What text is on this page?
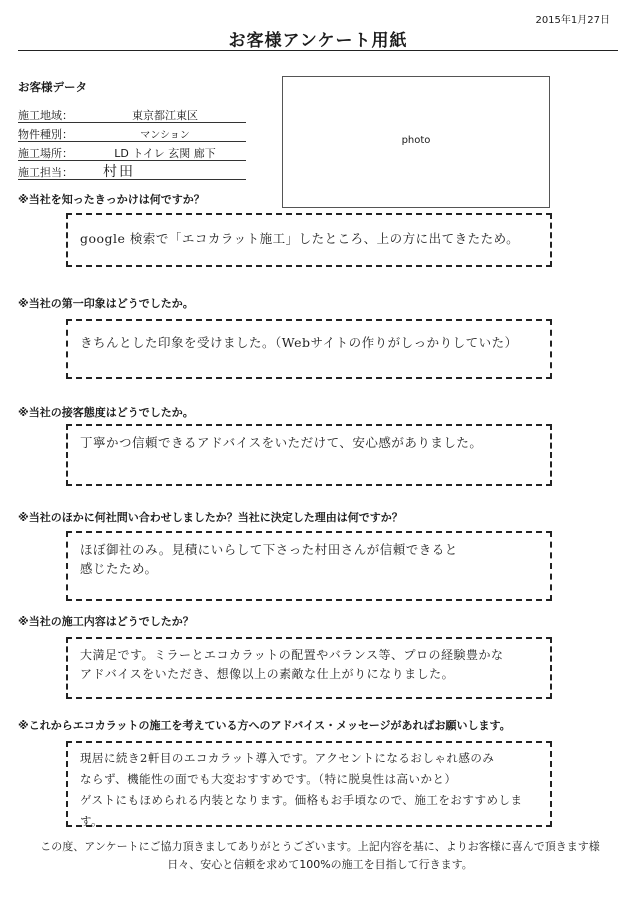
2015年1月27日
お客様アンケート用紙
お客様データ
施工地域：	東京都江東区
物件種別：	マンション
施工場所：	LD トイレ 玄関 廊下
施工担当：	村田
photo
※当社を知ったきっかけは何ですか？
google 検索で「エコカラット施工」したところ、上の方に出てきたため。
※当社の第一印象はどうでしたか。
きちんとした印象を受けました。（Webサイトの作りがしっかりしていた）
※当社の接客態度はどうでしたか。
丁寧かつ信頼できるアドバイスをいただけて、安心感がありました。
※当社のほかに何社問い合わせしましたか？当社に決定した理由は何ですか？
ほぼ御社のみ。見積にいらして下さった村田さんが信頼できると
感じたため。
※当社の施工内容はどうでしたか？
大満足です。ミラーとエコカラットの配置やバランス等、プロの経験豊かな
アドバイスをいただき、想像以上の素敵な仕上がりになりました。
※これからエコカラットの施工を考えている方へのアドバイス・メッセージがあればお願いします。
現居に続き2軒目のエコカラット導入です。アクセントになるおしゃれ感のみ
ならず、機能性の面でも大変おすすめです。（特に脱臭性は高いかと）
ゲストにもほめられる内装となります。価格もお手頃なので、施工をおすすめします。
この度、アンケートにご協力頂きましてありがとうございます。上記内容を基に、よりお客様に喜んで頂きます様
日々、安心と信頼を求めて100%の施工を目指して行きます。
